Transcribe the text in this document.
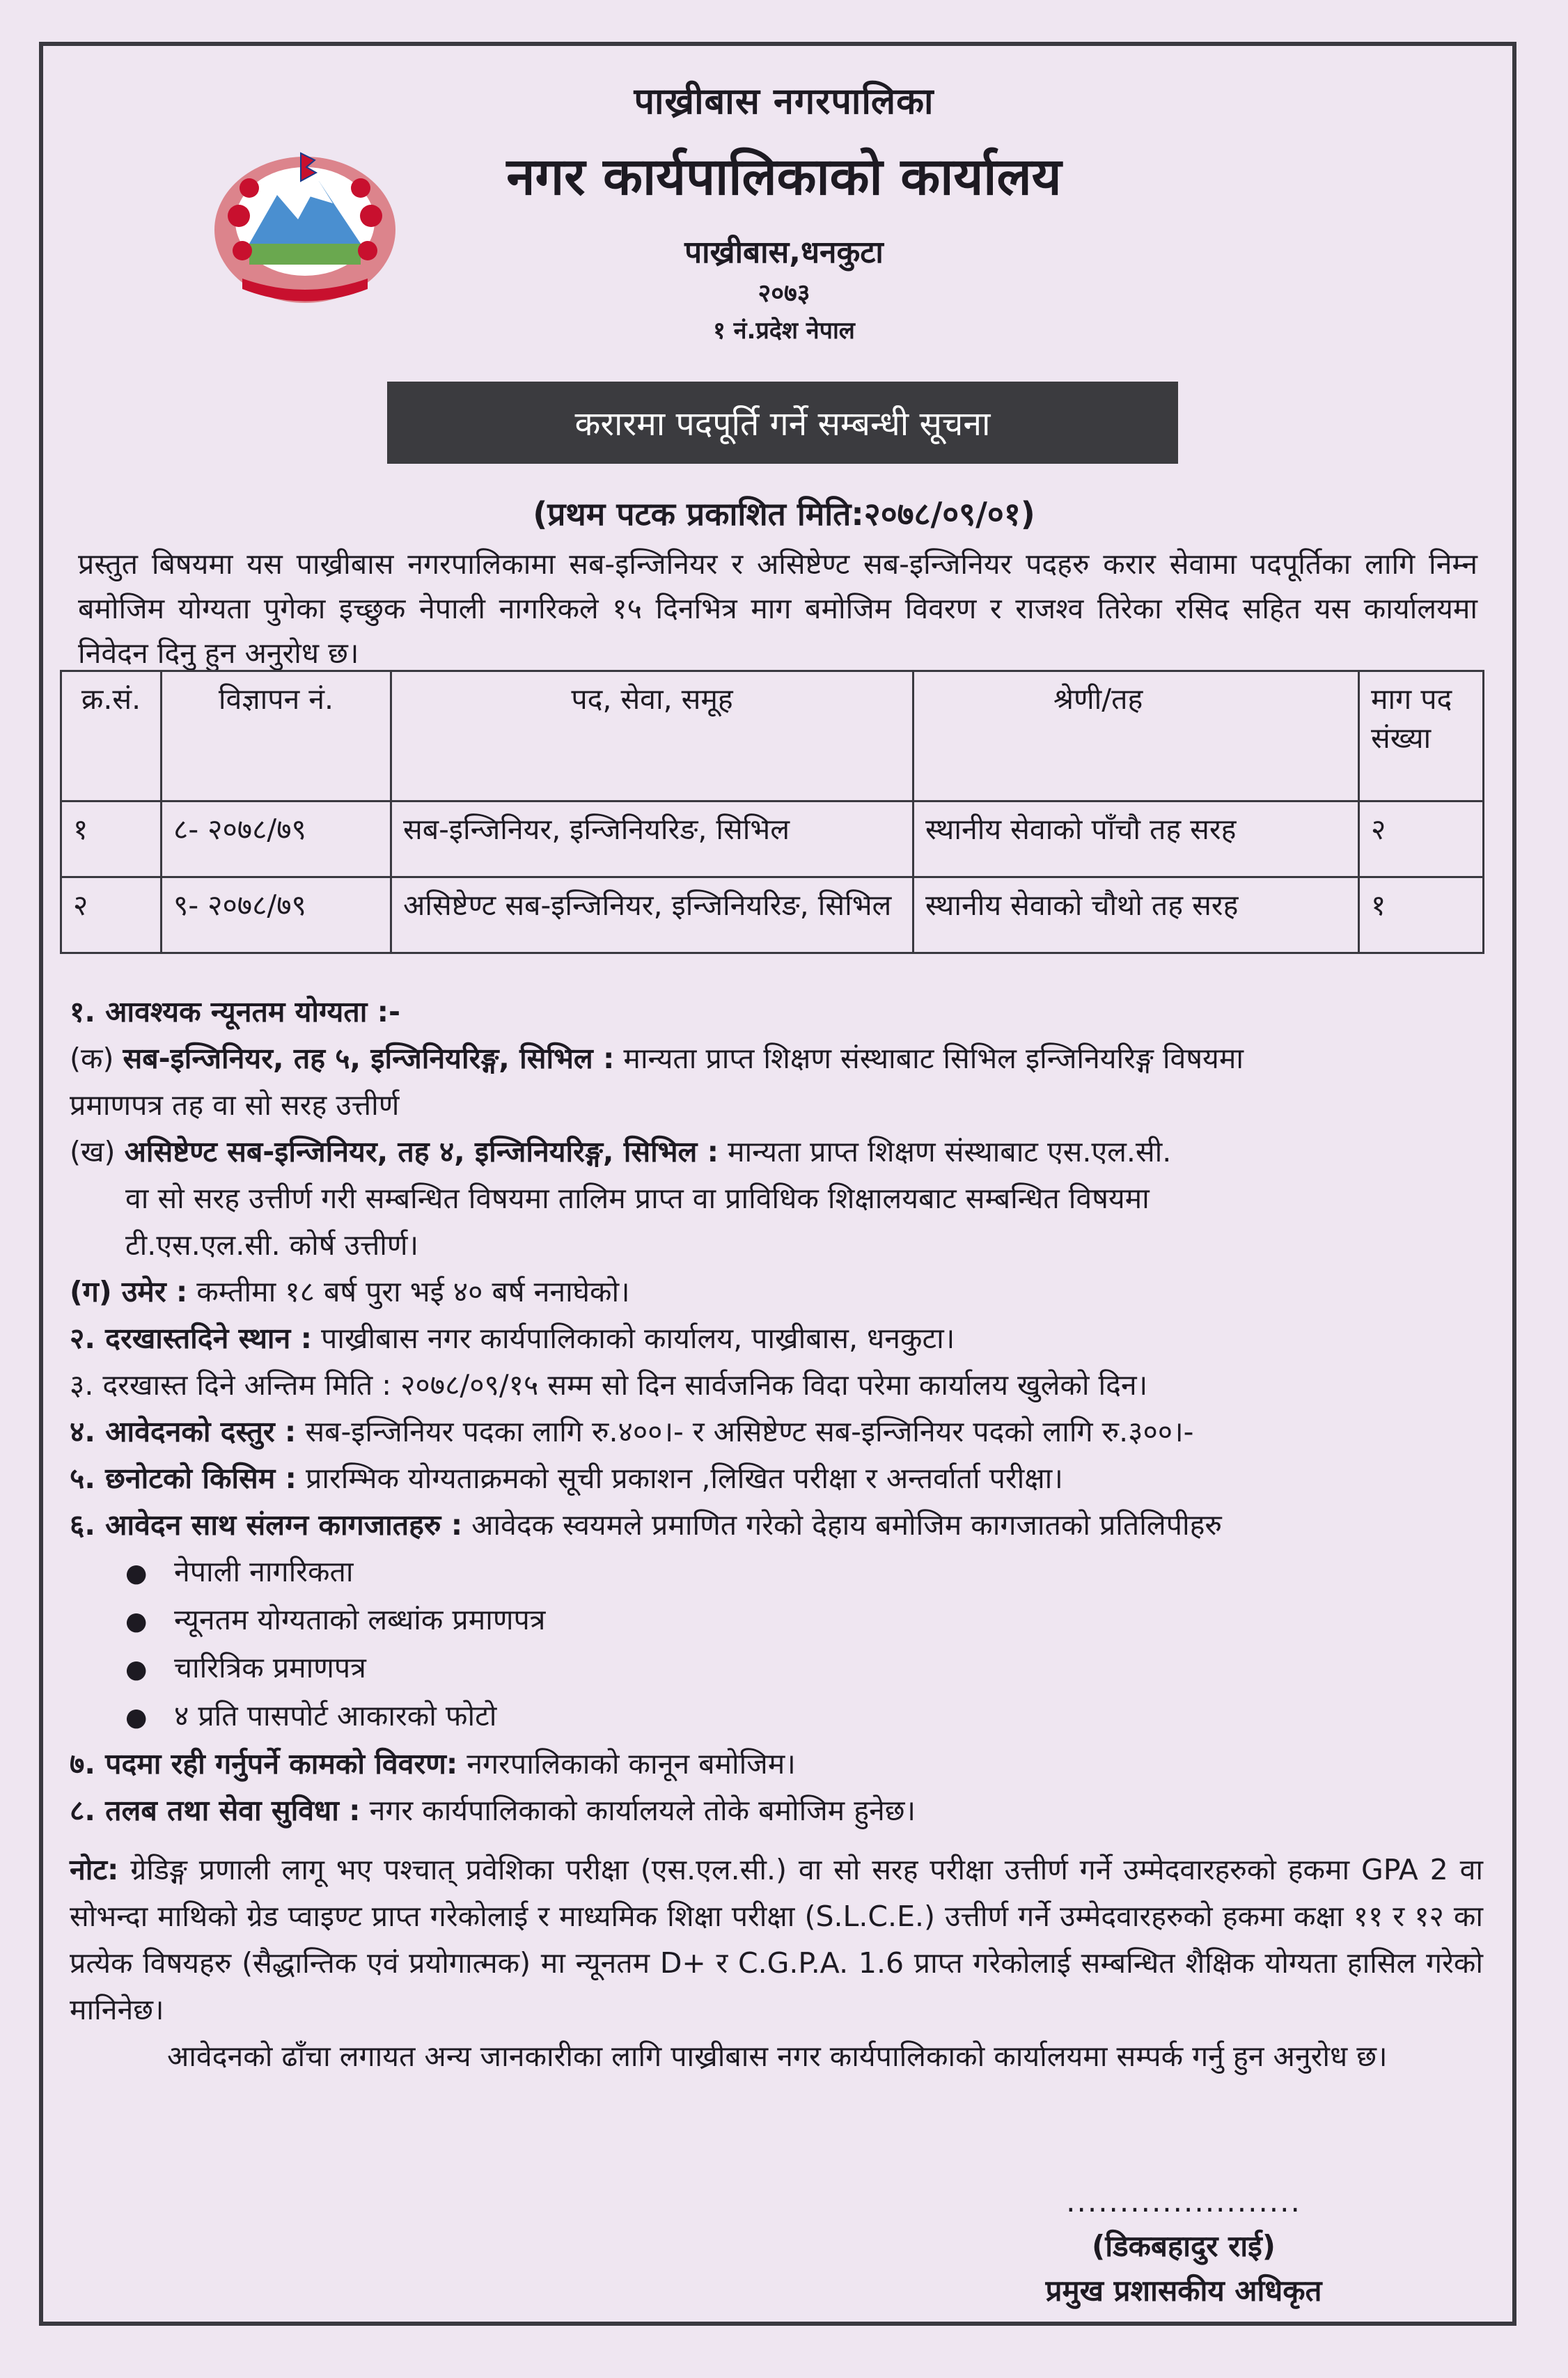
पाख्रीबास नगरपालिका
नगर कार्यपालिकाको कार्यालय
पाख्रीबास,धनकुटा
२०७३
१ नं.प्रदेश नेपाल
करारमा पदपूर्ति गर्ने सम्बन्धी सूचना
(प्रथम पटक प्रकाशित मिति:२०७८/०९/०१)
प्रस्तुत बिषयमा यस पाख्रीबास नगरपालिकामा सब-इन्जिनियर र असिष्टेण्ट सब-इन्जिनियर पदहरु करार सेवामा पदपूर्तिका लागि निम्न बमोजिम योग्यता पुगेका इच्छुक नेपाली नागरिकले १५ दिनभित्र माग बमोजिम विवरण र राजश्व तिरेका रसिद सहित यस कार्यालयमा निवेदन दिनु हुन अनुरोध छ।
क्र.सं.	विज्ञापन नं.	पद, सेवा, समूह	श्रेणी/तह	माग पद संख्या
१	८- २०७८/७९	सब-इन्जिनियर, इन्जिनियरिङ, सिभिल	स्थानीय सेवाको पाँचौ तह सरह	२
२	९- २०७८/७९	असिष्टेण्ट सब-इन्जिनियर, इन्जिनियरिङ, सिभिल	स्थानीय सेवाको चौथो तह सरह	१

१. आवश्यक न्यूनतम योग्यता :-

(क) सब-इन्जिनियर, तह ५, इन्जिनियरिङ्ग, सिभिल : मान्यता प्राप्त शिक्षण संस्थाबाट सिभिल इन्जिनियरिङ्ग विषयमा

प्रमाणपत्र तह वा सो सरह उत्तीर्ण

(ख) असिष्टेण्ट सब-इन्जिनियर, तह ४, इन्जिनियरिङ्ग, सिभिल : मान्यता प्राप्त शिक्षण संस्थाबाट एस.एल.सी.

वा सो सरह उत्तीर्ण गरी सम्बन्धित विषयमा तालिम प्राप्त वा प्राविधिक शिक्षालयबाट सम्बन्धित विषयमा

टी.एस.एल.सी. कोर्ष उत्तीर्ण।

(ग) उमेर : कम्तीमा १८ बर्ष पुरा भई ४० बर्ष ननाघेको।

२. दरखास्तदिने स्थान : पाख्रीबास नगर कार्यपालिकाको कार्यालय, पाख्रीबास, धनकुटा।

३. दरखास्त दिने अन्तिम मिति : २०७८/०९/१५ सम्म सो दिन सार्वजनिक विदा परेमा कार्यालय खुलेको दिन।

४. आवेदनको दस्तुर : सब-इन्जिनियर पदका लागि रु.४००।- र असिष्टेण्ट सब-इन्जिनियर पदको लागि रु.३००।-

५. छनोटको किसिम : प्रारम्भिक योग्यताक्रमको सूची प्रकाशन ,लिखित परीक्षा र अन्तर्वार्ता परीक्षा।

६. आवेदन साथ संलग्न कागजातहरु : आवेदक स्वयमले प्रमाणित गरेको देहाय बमोजिम कागजातको प्रतिलिपीहरु

● नेपाली नागरिकता

● न्यूनतम योग्यताको लब्धांक प्रमाणपत्र

● चारित्रिक प्रमाणपत्र

● ४ प्रति पासपोर्ट आकारको फोटो

७. पदमा रही गर्नुपर्ने कामको विवरण: नगरपालिकाको कानून बमोजिम।

८. तलब तथा सेवा सुविधा : नगर कार्यपालिकाको कार्यालयले तोके बमोजिम हुनेछ।

नोट: ग्रेडिङ्ग प्रणाली लागू भए पश्चात् प्रवेशिका परीक्षा (एस.एल.सी.) वा सो सरह परीक्षा उत्तीर्ण गर्ने उम्मेदवारहरुको हकमा GPA 2 वा सोभन्दा माथिको ग्रेड प्वाइण्ट प्राप्त गरेकोलाई र माध्यमिक शिक्षा परीक्षा (S.L.C.E.) उत्तीर्ण गर्ने उम्मेदवारहरुको हकमा कक्षा ११ र १२ का प्रत्येक विषयहरु (सैद्धान्तिक एवं प्रयोगात्मक) मा न्यूनतम D+ र C.G.P.A. 1.6 प्राप्त गरेकोलाई सम्बन्धित शैक्षिक योग्यता हासिल गरेको मानिनेछ।

आवेदनको ढाँचा लगायत अन्य जानकारीका लागि पाख्रीबास नगर कार्यपालिकाको कार्यालयमा सम्पर्क गर्नु हुन अनुरोध छ।

......................
(डिकबहादुर राई)
प्रमुख प्रशासकीय अधिकृत
